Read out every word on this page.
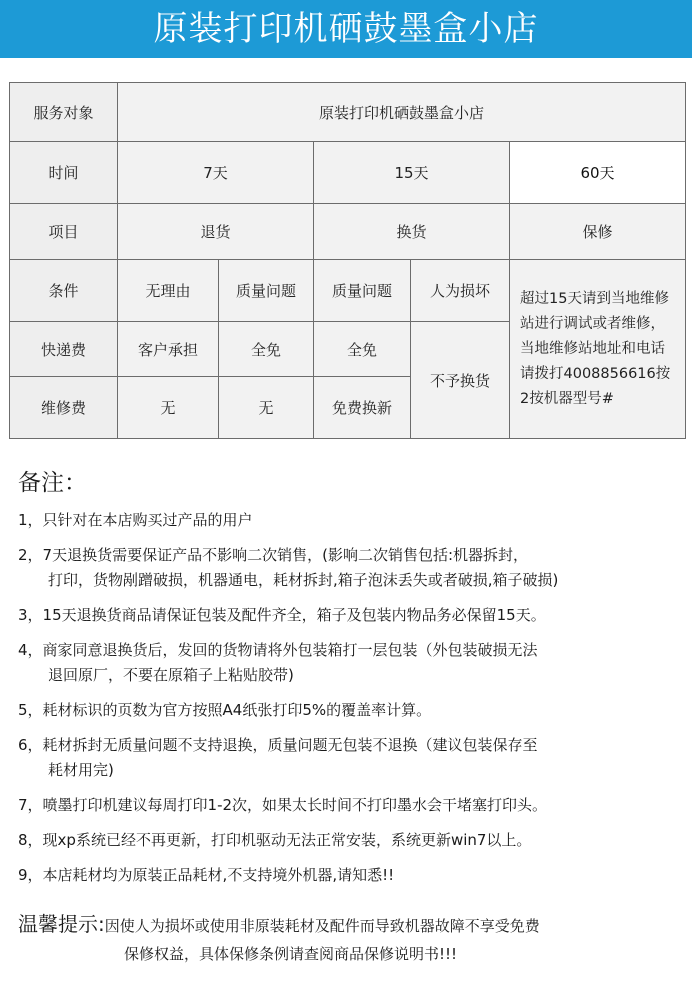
原装打印机硒鼓墨盒小店
服务对象	原装打印机硒鼓墨盒小店				
时间	7天		15天		60天
项目	退货		换货		保修
条件	无理由	质量问题	质量问题	人为损坏	超过15天请到当地维修站进行调试或者维修，当地维修站地址和电话请拨打4008856616按2按机器型号#
快递费	客户承担	全免	全免	不予换货	
维修费	无	无	免费换新		
备注：
1，只针对在本店购买过产品的用户
2，7天退换货需要保证产品不影响二次销售，(影响二次销售包括:机器拆封，
打印，货物剐蹭破损，机器通电，耗材拆封,箱子泡沫丢失或者破损,箱子破损)
3，15天退换货商品请保证包装及配件齐全，箱子及包装内物品务必保留15天。
4，商家同意退换货后，发回的货物请将外包装箱打一层包装（外包装破损无法
退回原厂，不要在原箱子上粘贴胶带)
5，耗材标识的页数为官方按照A4纸张打印5%的覆盖率计算。
6，耗材拆封无质量问题不支持退换，质量问题无包装不退换（建议包装保存至
耗材用完)
7，喷墨打印机建议每周打印1-2次，如果太长时间不打印墨水会干堵塞打印头。
8，现xp系统已经不再更新，打印机驱动无法正常安装，系统更新win7以上。
9，本店耗材均为原装正品耗材,不支持境外机器,请知悉!!
温馨提示:因使人为损坏或使用非原装耗材及配件而导致机器故障不享受免费
保修权益，具体保修条例请查阅商品保修说明书!!!
